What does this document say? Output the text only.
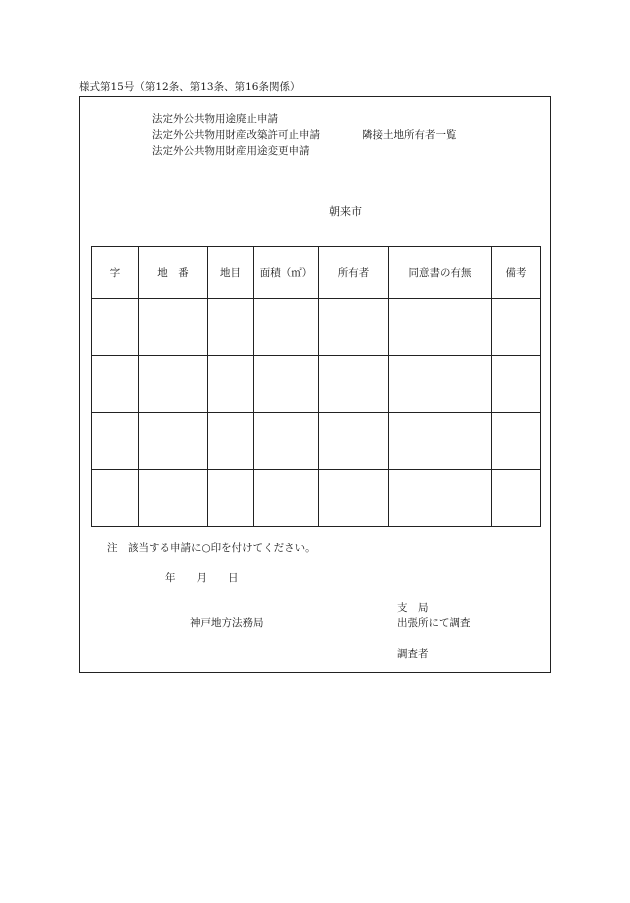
様式第15号（第12条、第13条、第16条関係）
法定外公共物用途廃止申請
法定外公共物用財産改築許可止申請
法定外公共物用財産用途変更申請
隣接土地所有者一覧
朝来市
字	地　番	地目	面積（㎡）	所有者	同意書の有無	備考

注　該当する申請に○印を付けてください。
年　　月　　日
支　局
神戸地方法務局	出張所にて調査
調査者
